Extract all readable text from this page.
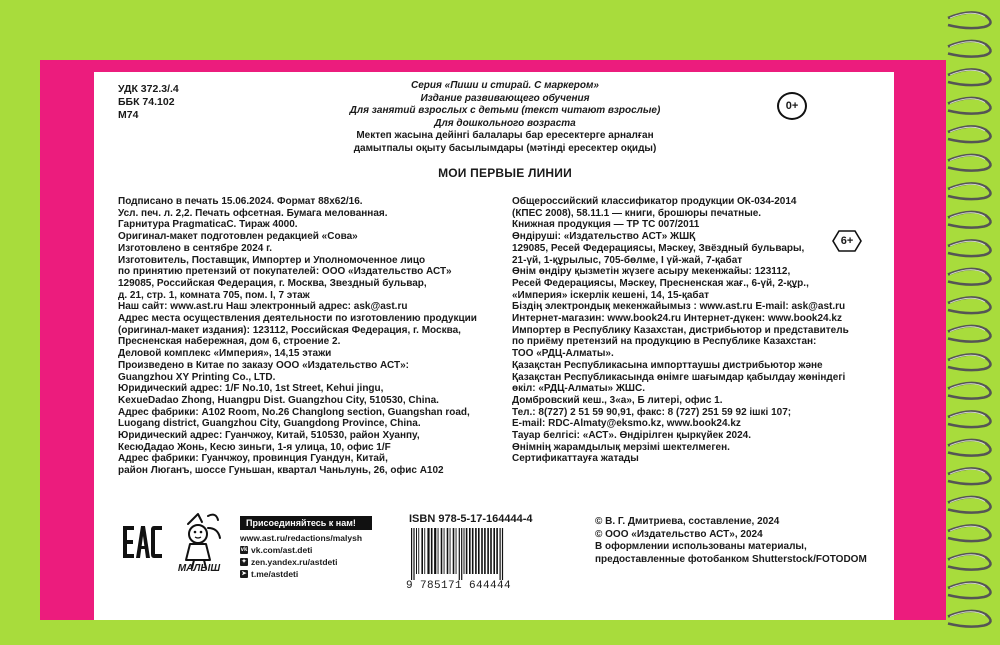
УДК 372.3/.4
ББК 74.102
М74
Серия «Пиши и стирай. С маркером»
Издание развивающего обучения
Для занятий взрослых с детьми (текст читают взрослые)
Для дошкольного возраста
Мектеп жасына дейінгі балалары бар ересектерге арналған
дамытпалы оқыту басылымдары (мәтінді ересектер оқиды)
0+
МОИ ПЕРВЫЕ ЛИНИИ
Подписано в печать 15.06.2024. Формат 88х62/16.
Усл. печ. л. 2,2. Печать офсетная. Бумага мелованная.
Гарнитура PragmaticaC. Тираж 4000.
Оригинал-макет подготовлен редакцией «Сова»
Изготовлено в сентябре 2024 г.
Изготовитель, Поставщик, Импортер и Уполномоченное лицо
по принятию претензий от покупателей: ООО «Издательство АСТ»
129085, Российская Федерация, г. Москва, Звездный бульвар,
д. 21, стр. 1, комната 705, пом. I, 7 этаж
Наш сайт: www.ast.ru Наш электронный адрес: ask@ast.ru
Адрес места осуществления деятельности по изготовлению продукции
(оригинал-макет издания): 123112, Российская Федерация, г. Москва,
Пресненская набережная, дом 6, строение 2.
Деловой комплекс «Империя», 14,15 этажи
Произведено в Китае по заказу ООО «Издательство АСТ»:
Guangzhou XY Printing Co., LTD.
Юридический адрес: 1/F No.10, 1st Street, Kehui jingu,
KexueDadao Zhong, Huangpu Dist. Guangzhou City, 510530, China.
Адрес фабрики: A102 Room, No.26 Changlong section, Guangshan road,
Luogang district, Guangzhou City, Guangdong Province, China.
Юридический адрес: Гуанчжоу, Китай, 510530, район Хуанпу,
КесюДадао Жонь, Кесю зиньги, 1-я улица, 10, офис 1/F
Адрес фабрики: Гуанчжоу, провинция Гуандун, Китай,
район Люганъ, шоссе Гуньшан, квартал Чаньлунь, 26, офис А102
Общероссийский классификатор продукции ОК-034-2014
(КПЕС 2008), 58.11.1 — книги, брошюры печатные.
Книжная продукция — ТР ТС 007/2011
Өндіруші: «Издательство АСТ» ЖШҚ
129085, Ресей Федерациясы, Мәскеу, Звёздный бульвары,
21-үй, 1-құрылыс, 705-бөлме, I үй-жай, 7-қабат
Өнім өндіру қызметін жүзеге асыру мекенжайы: 123112,
Ресей Федерациясы, Мәскеу, Пресненская жағ., 6-үй, 2-құр.,
«Империя» іскерлік кешені, 14, 15-қабат
Біздің электрондық мекенжайымыз : www.ast.ru E-mail: ask@ast.ru
Интернет-магазин: www.book24.ru Интернет-дүкен: www.book24.kz
Импортер в Республику Казахстан, дистрибьютор и представитель
по приёму претензий на продукцию в Республике Казахстан:
ТОО «РДЦ-Алматы».
Қазақстан Республикасына импорттаушы дистрибьютор және
Қазақстан Республикасында өнімге шағымдар қабылдау жөніндегі
өкіл: «РДЦ-Алматы» ЖШС.
Домбровский кеш., 3«а», Б литері, офис 1.
Тел.: 8(727) 2 51 59 90,91, факс: 8 (727) 251 59 92 ішкі 107;
E-mail: RDC-Almaty@eksmo.kz, www.book24.kz
Тауар белгісі: «АСТ». Өндірілген қыркүйек 2024.
Өнімнің жарамдылық мерзімі шектелмеген.
Сертификаттауға жатады
6+
МАЛЫШ
Присоединяйтесь к нам!
www.ast.ru/redactions/malysh
vk vk.com/ast.deti
✦ zen.yandex.ru/astdeti
➤ t.me/astdeti
ISBN 978-5-17-164444-4
9 785171 644444
© В. Г. Дмитриева, составление, 2024
© ООО «Издательство АСТ», 2024
В оформлении использованы материалы,
предоставленные фотобанком Shutterstock/FOTODOM
